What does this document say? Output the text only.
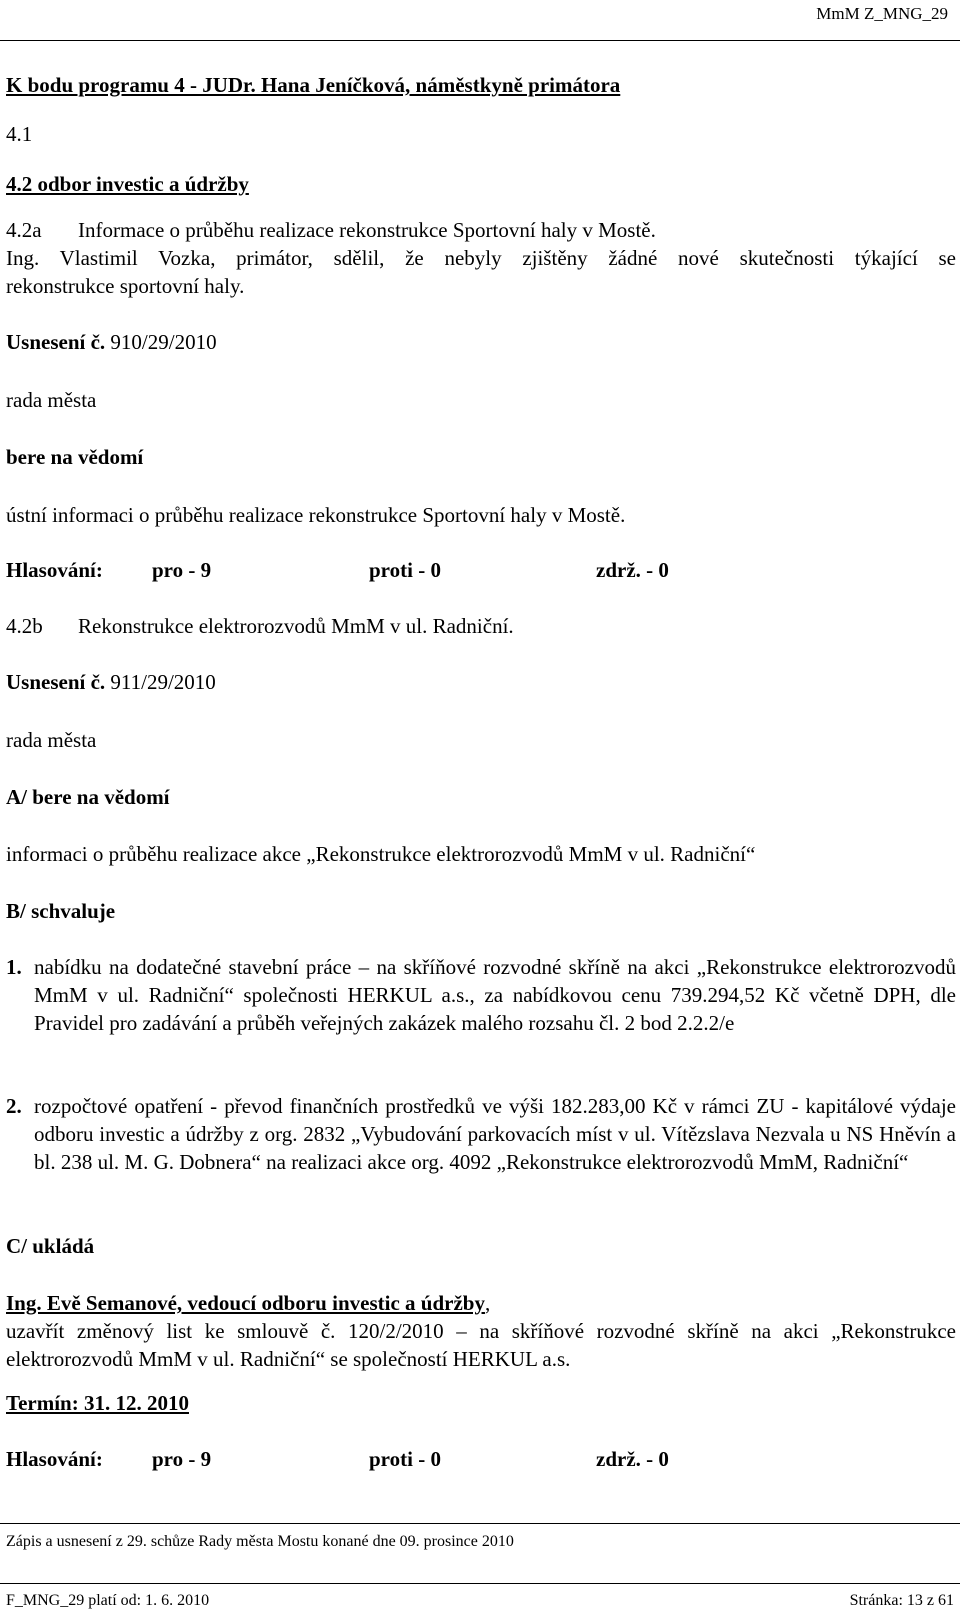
MmM Z_MNG_29
K bodu programu 4 - JUDr. Hana Jeníčková, náměstkyně primátora
4.1
4.2 odbor investic a údržby
4.2a Informace o průběhu realizace rekonstrukce Sportovní haly v Mostě.
Ing. Vlastimil Vozka, primátor, sdělil, že nebyly zjištěny žádné nové skutečnosti týkající se
rekonstrukce sportovní haly.
Usnesení č. 910/29/2010
rada města
bere na vědomí
ústní informaci o průběhu realizace rekonstrukce Sportovní haly v Mostě.
Hlasování: pro - 9	proti - 0	zdrž. - 0
4.2b Rekonstrukce elektrorozvodů MmM v ul. Radniční.
Usnesení č. 911/29/2010
rada města
A/ bere na vědomí
informaci o průběhu realizace akce „Rekonstrukce elektrorozvodů MmM v ul. Radniční“
B/ schvaluje
1. nabídku na dodatečné stavební práce – na skříňové rozvodné skříně na akci „Rekonstrukce elektrorozvodů MmM v ul. Radniční“ společnosti HERKUL a.s., za nabídkovou cenu 739.294,52 Kč včetně DPH, dle Pravidel pro zadávání a průběh veřejných zakázek malého rozsahu čl. 2 bod 2.2.2/e
2. rozpočtové opatření - převod finančních prostředků ve výši 182.283,00 Kč v rámci ZU - kapitálové výdaje odboru investic a údržby z org. 2832 „Vybudování parkovacích míst v ul. Vítězslava Nezvala u NS Hněvín a bl. 238 ul. M. G. Dobnera“ na realizaci akce org. 4092 „Rekonstrukce elektrorozvodů MmM, Radniční“
C/ ukládá
Ing. Evě Semanové, vedoucí odboru investic a údržby,
uzavřít změnový list ke smlouvě č. 120/2/2010 – na skříňové rozvodné skříně na akci „Rekonstrukce elektrorozvodů MmM v ul. Radniční“ se společností HERKUL a.s.
Termín: 31. 12. 2010
Hlasování: pro - 9	proti - 0	zdrž. - 0
Zápis a usnesení z 29. schůze Rady města Mostu konané dne 09. prosince 2010
F_MNG_29 platí od: 1. 6. 2010	Stránka: 13 z 61
